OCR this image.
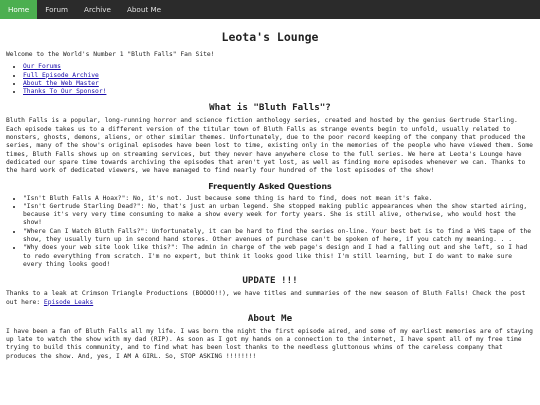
Home	Forum	Archive	About Me
Leota's Lounge

Welcome to the World's Number 1 "Bluth Falls" Fan Site!

• Our Forums
• Full Episode Archive
• About the Web Master
• Thanks To Our Sponsor!
What is "Bluth Falls"?

Bluth Falls is a popular, long-running horror and science fiction anthology series, created and hosted by the genius Gertrude Starling. Each episode takes us to a different version of the titular town of Bluth Falls as strange events begin to unfold, usually related to monsters, ghosts, demons, aliens, or other similar themes. Unfortunately, due to the poor record keeping of the company that produced the series, many of the show's original episodes have been lost to time, existing only in the memories of the people who have viewed them. Some times, Bluth Falls shows up on streaming services, but they never have anywhere close to the full series. We here at Leota's Lounge have dedicated our spare time towards archiving the episodes that aren't yet lost, as well as finding more episodes whenever we can. Thanks to the hard work of dedicated viewers, we have managed to find nearly four hundred of the lost episodes of the show!

Frequently Asked Questions
• "Isn't Bluth Falls A Hoax?": No, it's not. Just because some thing is hard to find, does not mean it's fake.
• "Isn't Gertrude Starling Dead?": No, that's just an urban legend. She stopped making public appearances when the show started airing, because it's very very time consuming to make a show every week for forty years. She is still alive, otherwise, who would host the show!
• "Where Can I Watch Bluth Falls?": Unfortunately, it can be hard to find the series on-line. Your best bet is to find a VHS tape of the show, they usually turn up in second hand stores. Other avenues of purchase can't be spoken of here, if you catch my meaning. . .
• "Why does your web site look like this?": The admin in charge of the web page's design and I had a falling out and she left, so I had to redo everything from scratch. I'm no expert, but think it looks good like this! I'm still learning, but I do want to make sure every thing looks good!
UPDATE !!!

Thanks to a leak at Crimson Triangle Productions (BOOOO!!), we have titles and summaries of the new season of Bluth Falls! Check the post out here: Episode Leaks

About Me

I have been a fan of Bluth Falls all my life. I was born the night the first episode aired, and some of my earliest memories are of staying up late to watch the show with my dad (RIP). As soon as I got my hands on a connection to the internet, I have spent all of my free time trying to build this community, and to find what has been lost thanks to the needless gluttonous whims of the careless company that produces the show. And, yes, I AM A GIRL. So, STOP ASKING !!!!!!!!
